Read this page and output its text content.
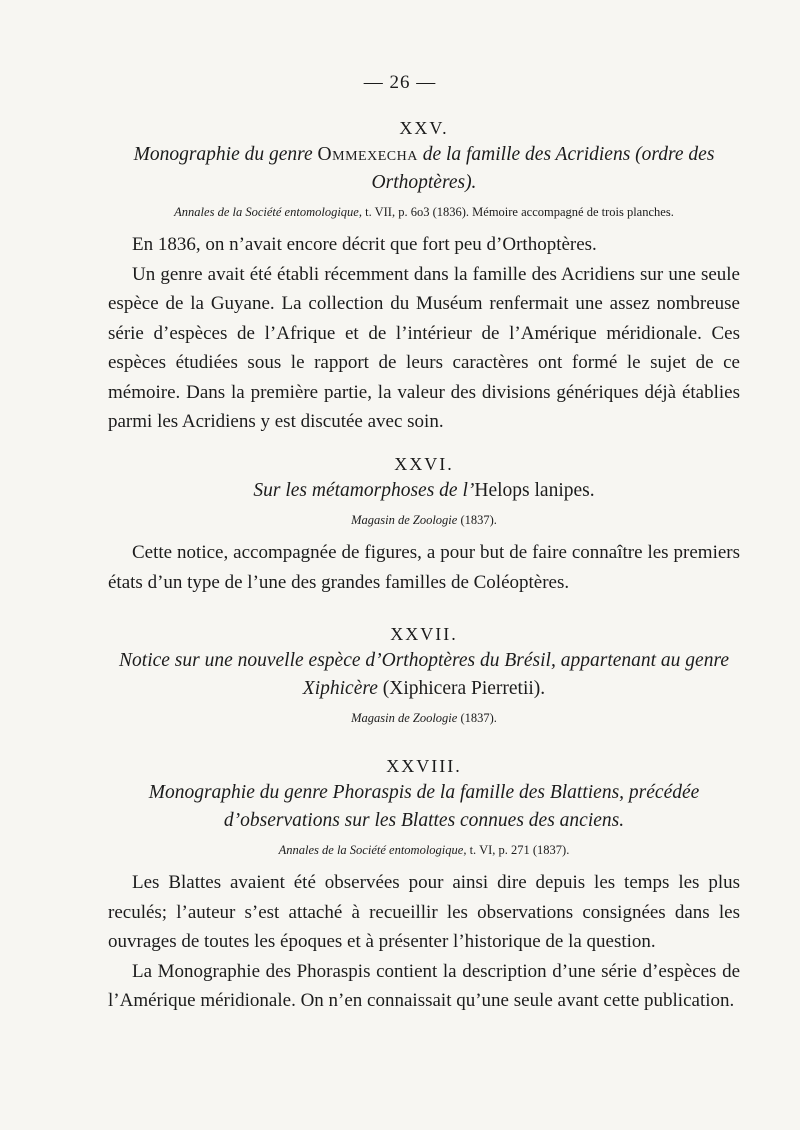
— 26 —
XXV.

Monographie du genre Ommexecha de la famille des Acridiens (ordre des Orthoptères).

Annales de la Société entomologique, t. VII, p. 6o3 (1836). Mémoire accompagné de trois planches.

En 1836, on n’avait encore décrit que fort peu d’Orthoptères.

Un genre avait été établi récemment dans la famille des Acridiens sur une seule espèce de la Guyane. La collection du Muséum renfermait une assez nombreuse série d’espèces de l’Afrique et de l’intérieur de l’Amérique méridionale. Ces espèces étudiées sous le rapport de leurs caractères ont formé le sujet de ce mémoire. Dans la première partie, la valeur des divisions génériques déjà établies parmi les Acridiens y est discutée avec soin.

XXVI.

Sur les métamorphoses de l’Helops lanipes.

Magasin de Zoologie (1837).

Cette notice, accompagnée de figures, a pour but de faire connaître les premiers états d’un type de l’une des grandes familles de Coléoptères.

XXVII.

Notice sur une nouvelle espèce d’Orthoptères du Brésil, appartenant au genre Xiphicère (Xiphicera Pierretii).

Magasin de Zoologie (1837).

XXVIII.

Monographie du genre Phoraspis de la famille des Blattiens, précédée d’observations sur les Blattes connues des anciens.

Annales de la Société entomologique, t. VI, p. 271 (1837).

Les Blattes avaient été observées pour ainsi dire depuis les temps les plus reculés; l’auteur s’est attaché à recueillir les observations consignées dans les ouvrages de toutes les époques et à présenter l’historique de la question.

La Monographie des Phoraspis contient la description d’une série d’espèces de l’Amérique méridionale. On n’en connaissait qu’une seule avant cette publication.
